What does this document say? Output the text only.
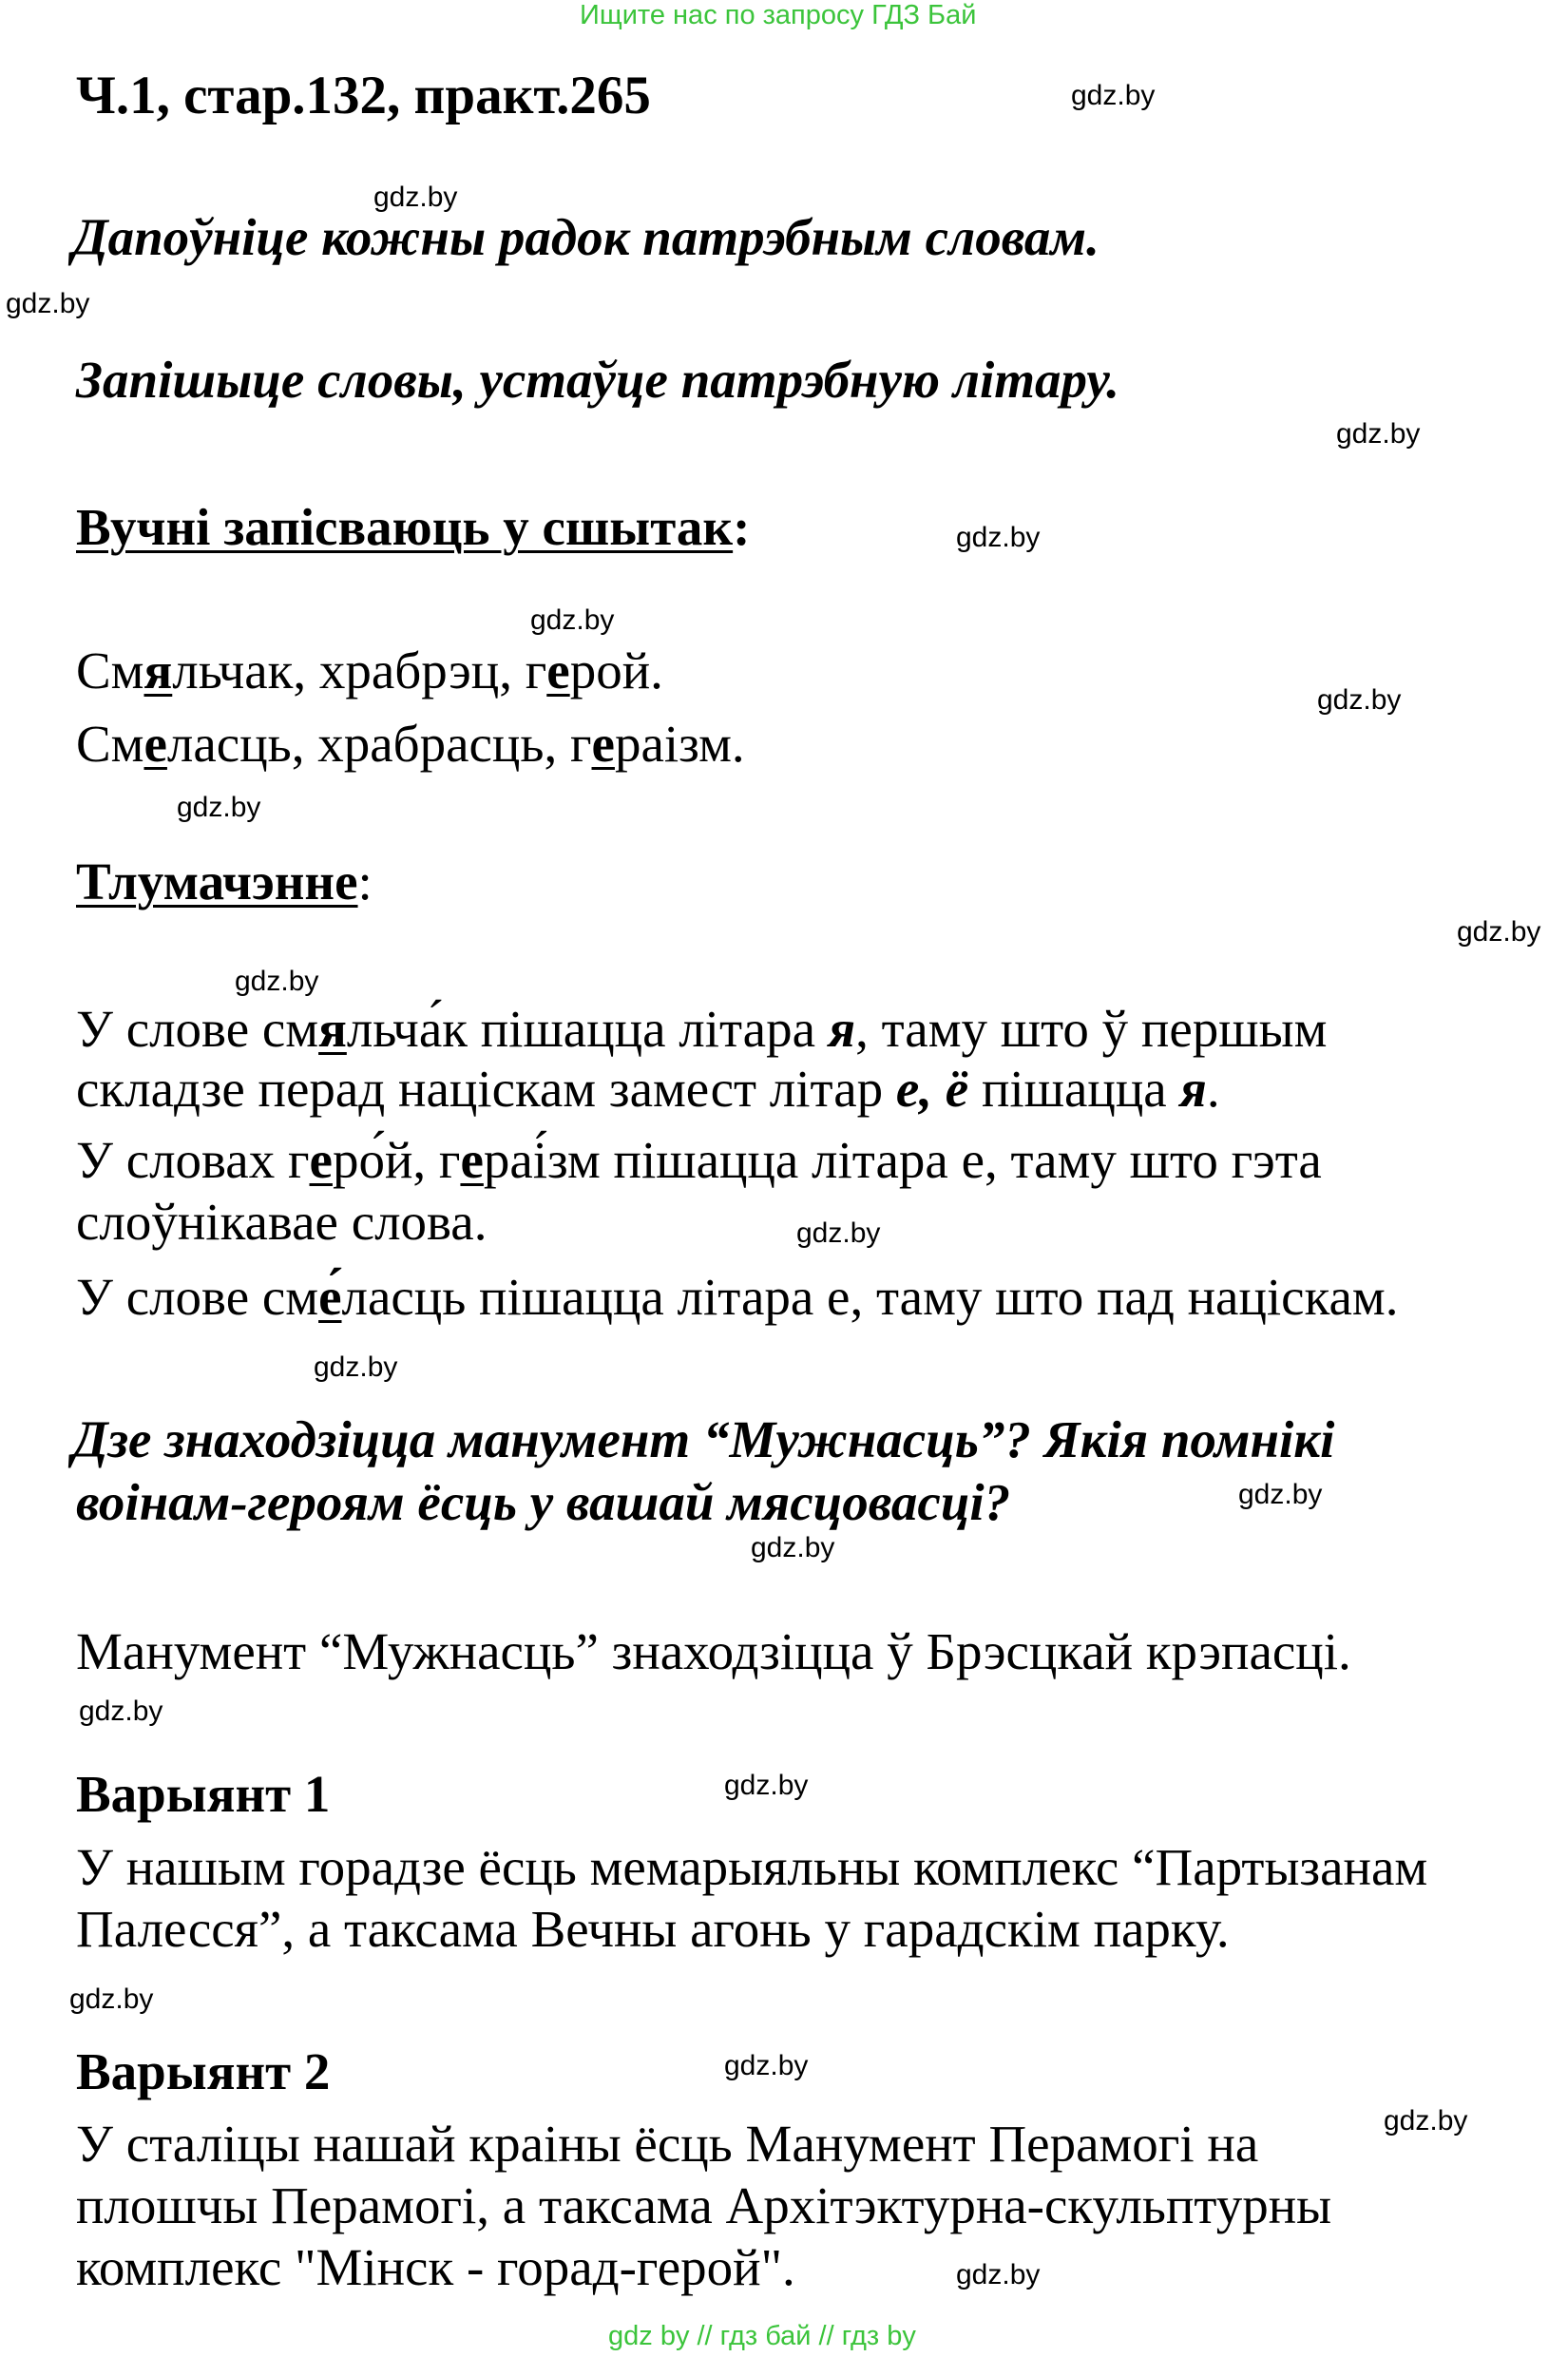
Ищите нас по запросу ГДЗ Бай
Ч.1, стар.132, практ.265
Дапоўніце кожны радок патрэбным словам.
Запішыце словы, устаўце патрэбную літару.
Вучні запісваюць у сшытак:
Смяльчак, храбрэц, герой.
Смеласць, храбрасць, гераізм.
Тлумачэнне:
У слове смяльча́к пішацца літара я, таму што ў першым
складзе перад націскам замест літар е, ё пішацца я.
У словах геро́й, гераі́зм пішацца літара е, таму што гэта
слоўнікавае слова.
У слове сме́ласць пішацца літара е, таму што пад націскам.
Дзе знаходзіцца манумент “Мужнасць”? Якія помнікі
воінам-героям ёсць у вашай мясцовасці?
Манумент “Мужнасць” знаходзіцца ў Брэсцкай крэпасці.
Варыянт 1
У нашым горадзе ёсць мемарыяльны комплекс “Партызанам
Палесся”, а таксама Вечны агонь у гарадскім парку.
Варыянт 2
У сталіцы нашай краіны ёсць Манумент Перамогі на
плошчы Перамогі, а таксама Архітэктурна-скульптурны
комплекс "Мінск - горад-герой".
gdz.by
gdz.by
gdz.by
gdz.by
gdz.by
gdz.by
gdz.by
gdz.by
gdz.by
gdz.by
gdz.by
gdz.by
gdz.by
gdz.by
gdz.by
gdz.by
gdz.by
gdz.by
gdz.by
gdz.by
gdz by // гдз бай // гдз by
